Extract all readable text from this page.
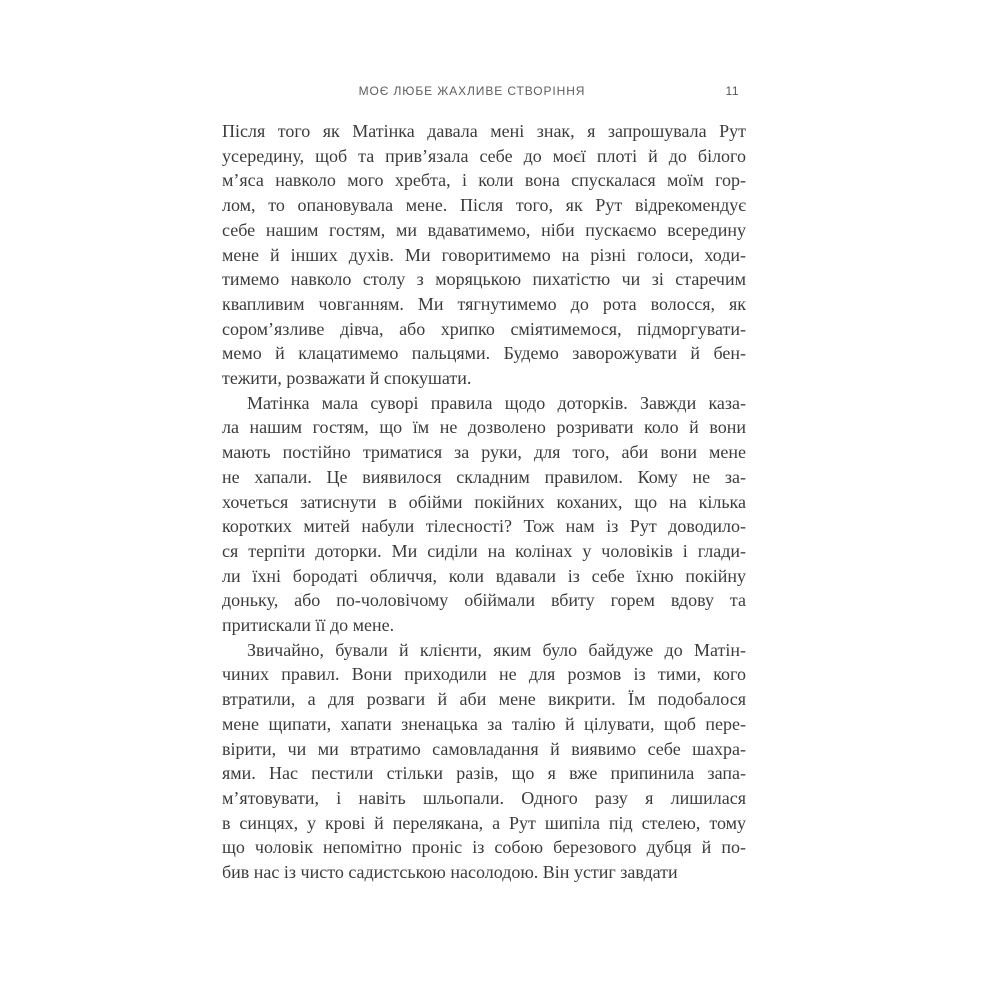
МОЄ ЛЮБЕ ЖАХЛИВЕ СТВОРІННЯ	11
Після того як Матінка давала мені знак, я запрошувала Рут
усередину, щоб та прив’язала себе до моєї плоті й до білого
м’яса навколо мого хребта, і коли вона спускалася моїм гор-
лом, то опановувала мене. Після того, як Рут відрекомендує
себе нашим гостям, ми вдаватимемо, ніби пускаємо всередину
мене й інших духів. Ми говоритимемо на різні голоси, ходи-
тимемо навколо столу з моряцькою пихатістю чи зі старечим
квапливим човганням. Ми тягнутимемо до рота волосся, як
сором’язливе дівча, або хрипко сміятимемося, підморгувати-
мемо й клацатимемо пальцями. Будемо заворожувати й бен-
тежити, розважати й спокушати.
Матінка мала суворі правила щодо доторків. Завжди каза-
ла нашим гостям, що їм не дозволено розривати коло й вони
мають постійно триматися за руки, для того, аби вони мене
не хапали. Це виявилося складним правилом. Кому не за-
хочеться затиснути в обійми покійних коханих, що на кілька
коротких митей набули тілесності? Тож нам із Рут доводило-
ся терпіти доторки. Ми сиділи на колінах у чоловіків і глади-
ли їхні бородаті обличчя, коли вдавали із себе їхню покійну
доньку, або по-чоловічому обіймали вбиту горем вдову та
притискали її до мене.
Звичайно, бували й клієнти, яким було байдуже до Матін-
чиних правил. Вони приходили не для розмов із тими, кого
втратили, а для розваги й аби мене викрити. Їм подобалося
мене щипати, хапати зненацька за талію й цілувати, щоб пере-
вірити, чи ми втратимо самовладання й виявимо себе шахра-
ями. Нас пестили стільки разів, що я вже припинила запа-
м’ятовувати, і навіть шльопали. Одного разу я лишилася
в синцях, у крові й перелякана, а Рут шипіла під стелею, тому
що чоловік непомітно проніс із собою березового дубця й по-
бив нас із чисто садистською насолодою. Він устиг завдати
